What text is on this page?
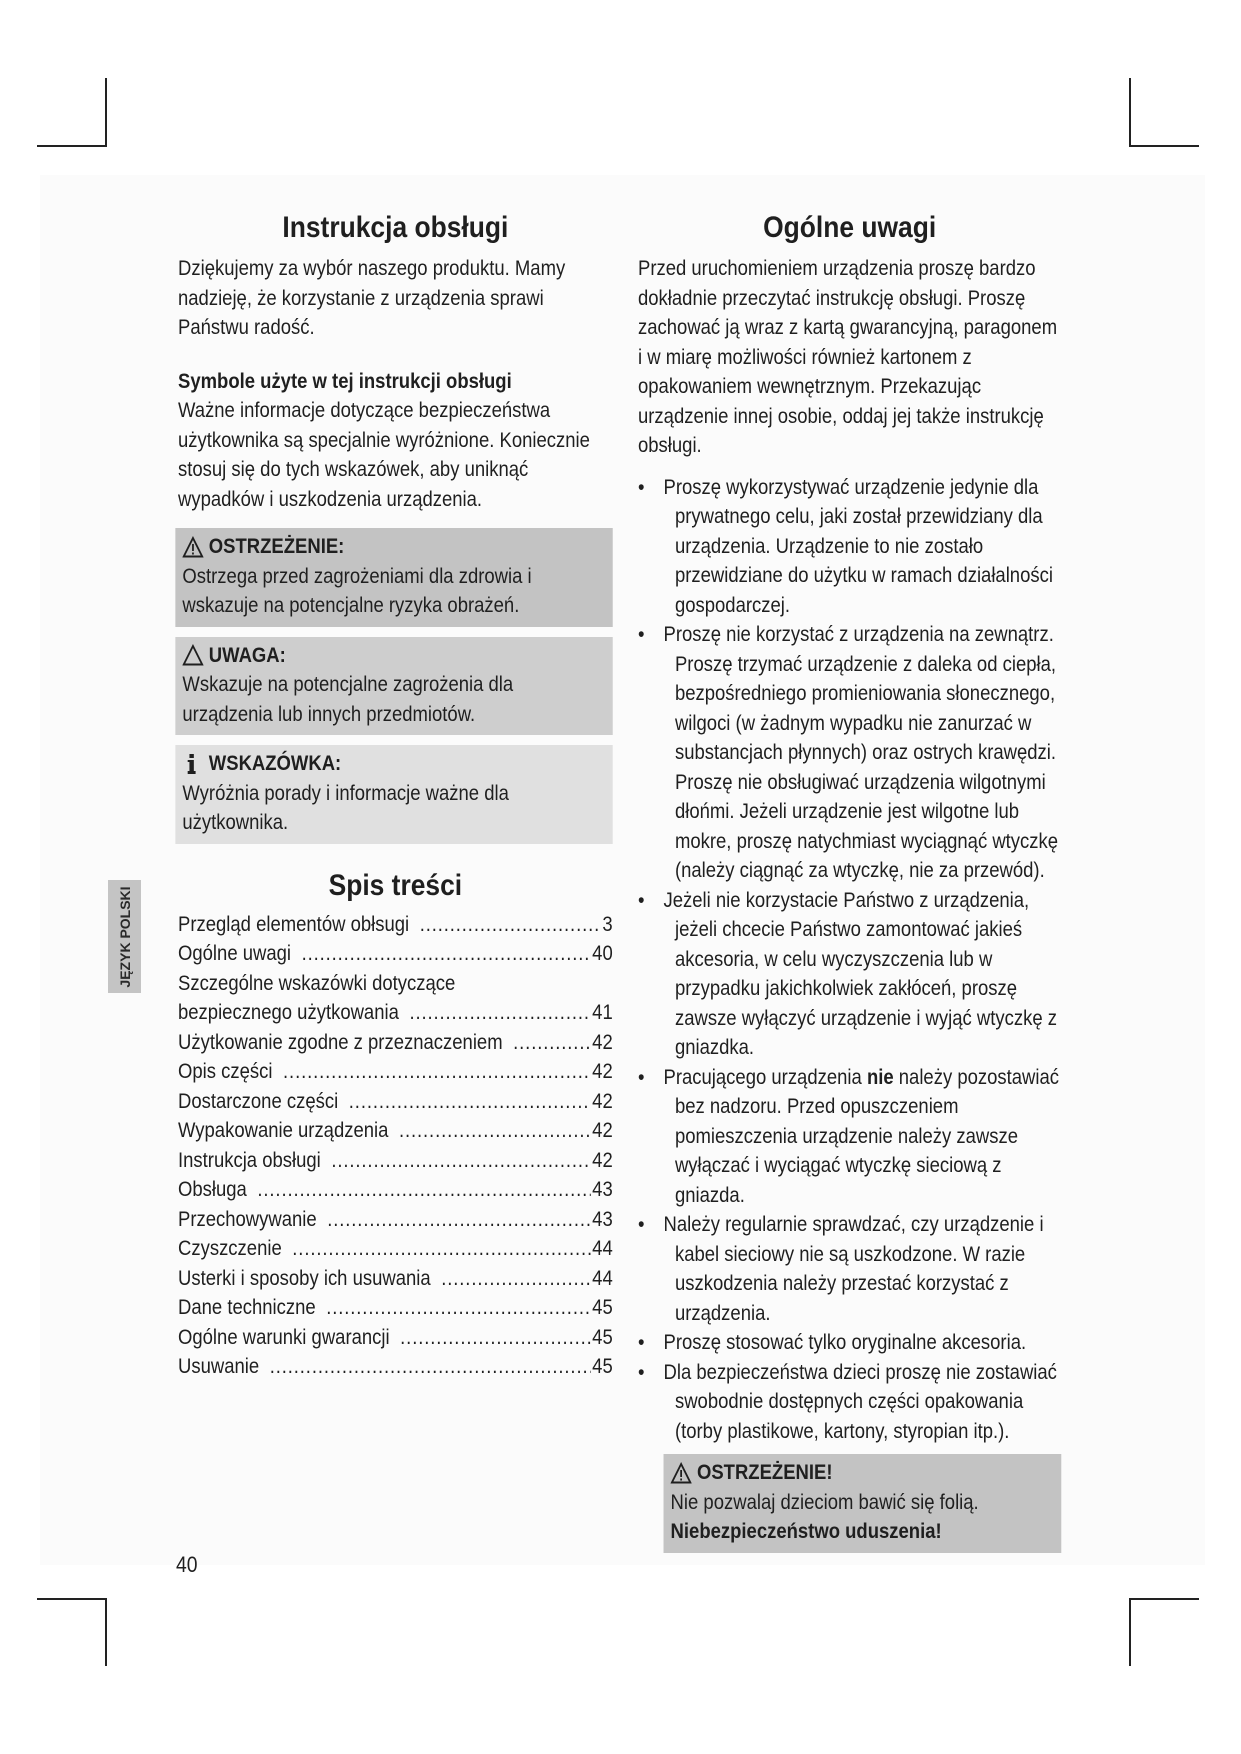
Instrukcja obsługi

Dziękujemy za wybór naszego produktu. Mamy nadzieję, że korzystanie z urządzenia sprawi Państwu radość.

Symbole użyte w tej instrukcji obsługi

Ważne informacje dotyczące bezpieczeństwa użytkownika są specjalnie wyróżnione. Koniecznie stosuj się do tych wskazówek, aby uniknąć wypadków i uszkodzenia urządzenia.

OSTRZEŻENIE:

Ostrzega przed zagrożeniami dla zdrowia i wskazuje na potencjalne ryzyka obrażeń.

UWAGA:

Wskazuje na potencjalne zagrożenia dla urządzenia lub innych przedmiotów.

WSKAZÓWKA:

Wyróżnia porady i informacje ważne dla użytkownika.

Spis treści
Przegląd elementów obłsugi .....	3
Ogólne uwagi .....	40
Szczególne wskazówki dotyczące
bezpiecznego użytkowania .....	41
Użytkowanie zgodne z przeznaczeniem .....	42
Opis części .....	42
Dostarczone części .....	42
Wypakowanie urządzenia .....	42
Instrukcja obsługi .....	42
Obsługa .....	43
Przechowywanie .....	43
Czyszczenie .....	44
Usterki i sposoby ich usuwania .....	44
Dane techniczne .....	45
Ogólne warunki gwarancji .....	45
Usuwanie .....	45
Ogólne uwagi

Przed uruchomieniem urządzenia proszę bardzo dokładnie przeczytać instrukcję obsługi. Proszę zachować ją wraz z kartą gwarancyjną, paragonem i w miarę możliwości również kartonem z opakowaniem wewnętrznym. Przekazując urządzenie innej osobie, oddaj jej także instrukcję obsługi.

• Proszę wykorzystywać urządzenie jedynie dla prywatnego celu, jaki został przewidziany dla urządzenia. Urządzenie to nie zostało przewidziane do użytku w ramach działalności gospodarczej.
• Proszę nie korzystać z urządzenia na zewnątrz. Proszę trzymać urządzenie z daleka od ciepła, bezpośredniego promieniowania słonecznego, wilgoci (w żadnym wypadku nie zanurzać w substancjach płynnych) oraz ostrych krawędzi. Proszę nie obsługiwać urządzenia wilgotnymi dłońmi. Jeżeli urządzenie jest wilgotne lub mokre, proszę natychmiast wyciągnąć wtyczkę (należy ciągnąć za wtyczkę, nie za przewód).
• Jeżeli nie korzystacie Państwo z urządzenia, jeżeli chcecie Państwo zamontować jakieś akcesoria, w celu wyczyszczenia lub w przypadku jakichkolwiek zakłóceń, proszę zawsze wyłączyć urządzenie i wyjąć wtyczkę z gniazdka.
• Pracującego urządzenia nie należy pozostawiać bez nadzoru. Przed opuszczeniem pomieszczenia urządzenie należy zawsze wyłączać i wyciągać wtyczkę sieciową z gniazda.
• Należy regularnie sprawdzać, czy urządzenie i kabel sieciowy nie są uszkodzone. W razie uszkodzenia należy przestać korzystać z urządzenia.
• Proszę stosować tylko oryginalne akcesoria.
• Dla bezpieczeństwa dzieci proszę nie zostawiać swobodnie dostępnych części opakowania (torby plastikowe, kartony, styropian itp.).
OSTRZEŻENIE!

Nie pozwalaj dzieciom bawić się folią. Niebezpieczeństwo uduszenia!

JĘZYK POLSKI
40
